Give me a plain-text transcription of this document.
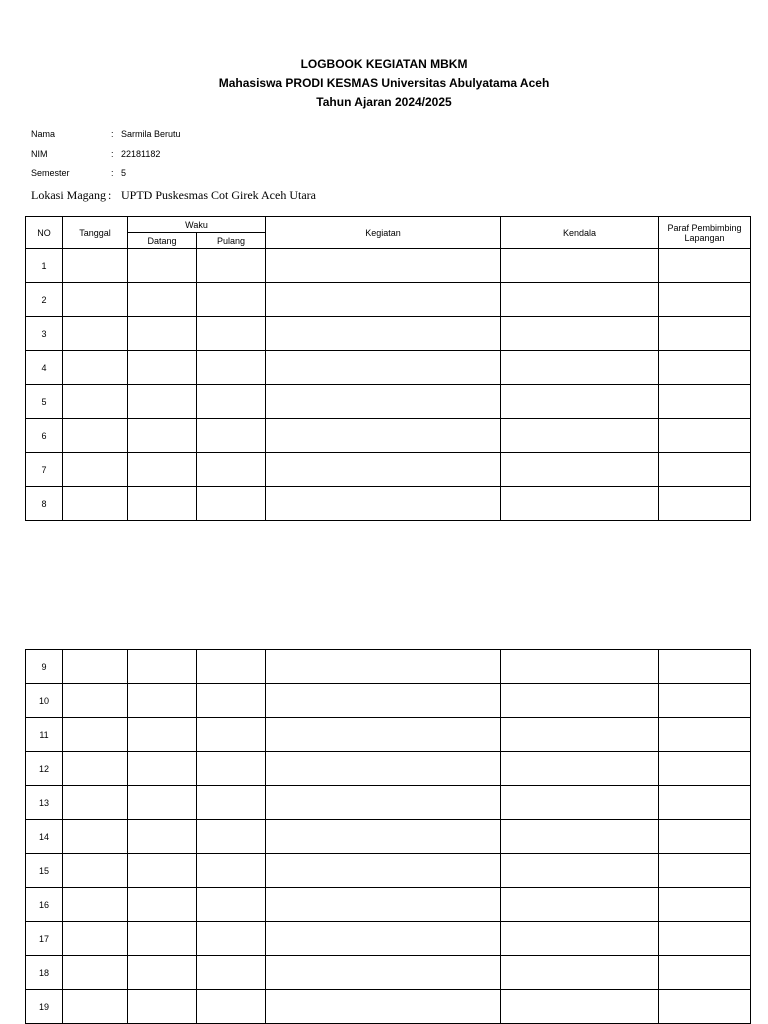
LOGBOOK KEGIATAN MBKM
Mahasiswa PRODI KESMAS Universitas Abulyatama Aceh
Tahun Ajaran 2024/2025
Nama	: Sarmila Berutu
NIM	: 22181182
Semester	: 5
Lokasi Magang : UPTD Puskesmas Cot Girek Aceh Utara
NO	Tanggal	Waku		Kegiatan	Kendala	Paraf Pembimbing Lapangan
		Datang	Pulang			
1						
2						
3						
4						
5						
6						
7						
8						
9						
10						
11						
12						
13						
14						
15						
16						
17						
18						
19						
